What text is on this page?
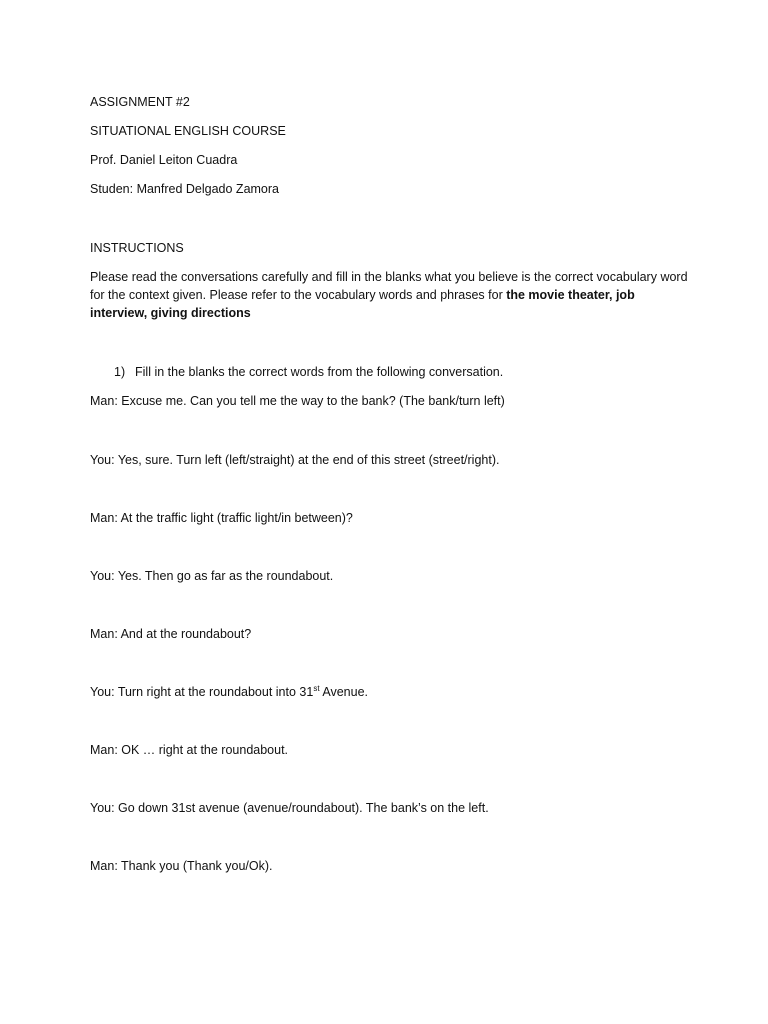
ASSIGNMENT #2
SITUATIONAL ENGLISH COURSE
Prof. Daniel Leiton Cuadra
Studen: Manfred Delgado Zamora
INSTRUCTIONS
Please read the conversations carefully and fill in the blanks what you believe is the correct vocabulary word for the context given. Please refer to the vocabulary words and phrases for the movie theater, job interview, giving directions
1) Fill in the blanks the correct words from the following conversation.
Man: Excuse me. Can you tell me the way to the bank? (The bank/turn left)
You: Yes, sure. Turn left (left/straight) at the end of this street (street/right).
Man: At the traffic light (traffic light/in between)?
You: Yes. Then go as far as the roundabout.
Man: And at the roundabout?
You: Turn right at the roundabout into 31st Avenue.
Man: OK … right at the roundabout.
You: Go down 31st avenue (avenue/roundabout). The bank’s on the left.
Man: Thank you (Thank you/Ok).
